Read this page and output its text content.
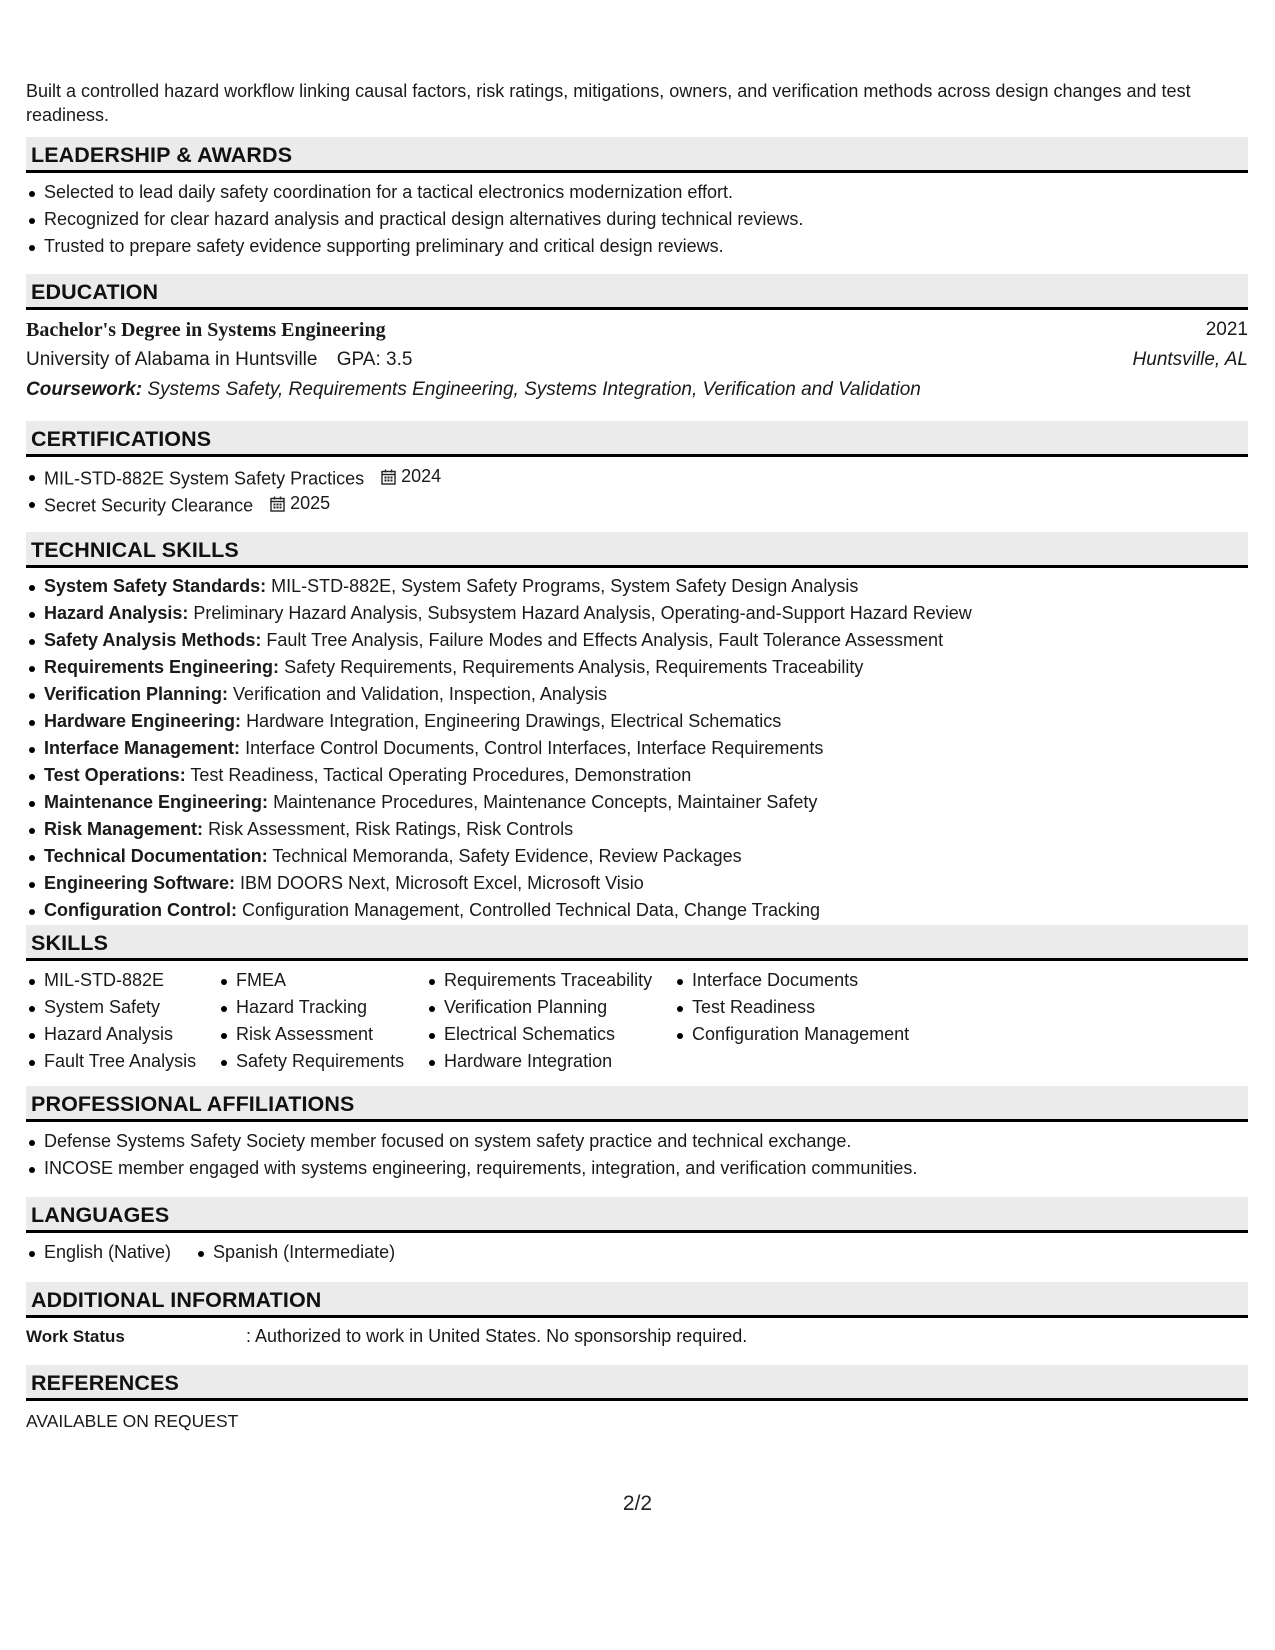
Built a controlled hazard workflow linking causal factors, risk ratings, mitigations, owners, and verification methods across design changes and test readiness.

LEADERSHIP & AWARDS
Selected to lead daily safety coordination for a tactical electronics modernization effort.
Recognized for clear hazard analysis and practical design alternatives during technical reviews.
Trusted to prepare safety evidence supporting preliminary and critical design reviews.
EDUCATION
Bachelor's Degree in Systems Engineering	2021
University of Alabama in Huntsville GPA: 3.5	Huntsville, AL
Coursework: Systems Safety, Requirements Engineering, Systems Integration, Verification and Validation
CERTIFICATIONS
MIL-STD-882E System Safety Practices 2024
Secret Security Clearance 2025
TECHNICAL SKILLS
System Safety Standards: MIL-STD-882E, System Safety Programs, System Safety Design Analysis
Hazard Analysis: Preliminary Hazard Analysis, Subsystem Hazard Analysis, Operating-and-Support Hazard Review
Safety Analysis Methods: Fault Tree Analysis, Failure Modes and Effects Analysis, Fault Tolerance Assessment
Requirements Engineering: Safety Requirements, Requirements Analysis, Requirements Traceability
Verification Planning: Verification and Validation, Inspection, Analysis
Hardware Engineering: Hardware Integration, Engineering Drawings, Electrical Schematics
Interface Management: Interface Control Documents, Control Interfaces, Interface Requirements
Test Operations: Test Readiness, Tactical Operating Procedures, Demonstration
Maintenance Engineering: Maintenance Procedures, Maintenance Concepts, Maintainer Safety
Risk Management: Risk Assessment, Risk Ratings, Risk Controls
Technical Documentation: Technical Memoranda, Safety Evidence, Review Packages
Engineering Software: IBM DOORS Next, Microsoft Excel, Microsoft Visio
Configuration Control: Configuration Management, Controlled Technical Data, Change Tracking
SKILLS
MIL-STD-882E
System Safety
Hazard Analysis
Fault Tree Analysis
FMEA
Hazard Tracking
Risk Assessment
Safety Requirements
Requirements Traceability
Verification Planning
Electrical Schematics
Hardware Integration
Interface Documents
Test Readiness
Configuration Management
PROFESSIONAL AFFILIATIONS
Defense Systems Safety Society member focused on system safety practice and technical exchange.
INCOSE member engaged with systems engineering, requirements, integration, and verification communities.
LANGUAGES
English (Native) Spanish (Intermediate)
ADDITIONAL INFORMATION
Work Status	: Authorized to work in United States. No sponsorship required.
REFERENCES
AVAILABLE ON REQUEST
2/2
